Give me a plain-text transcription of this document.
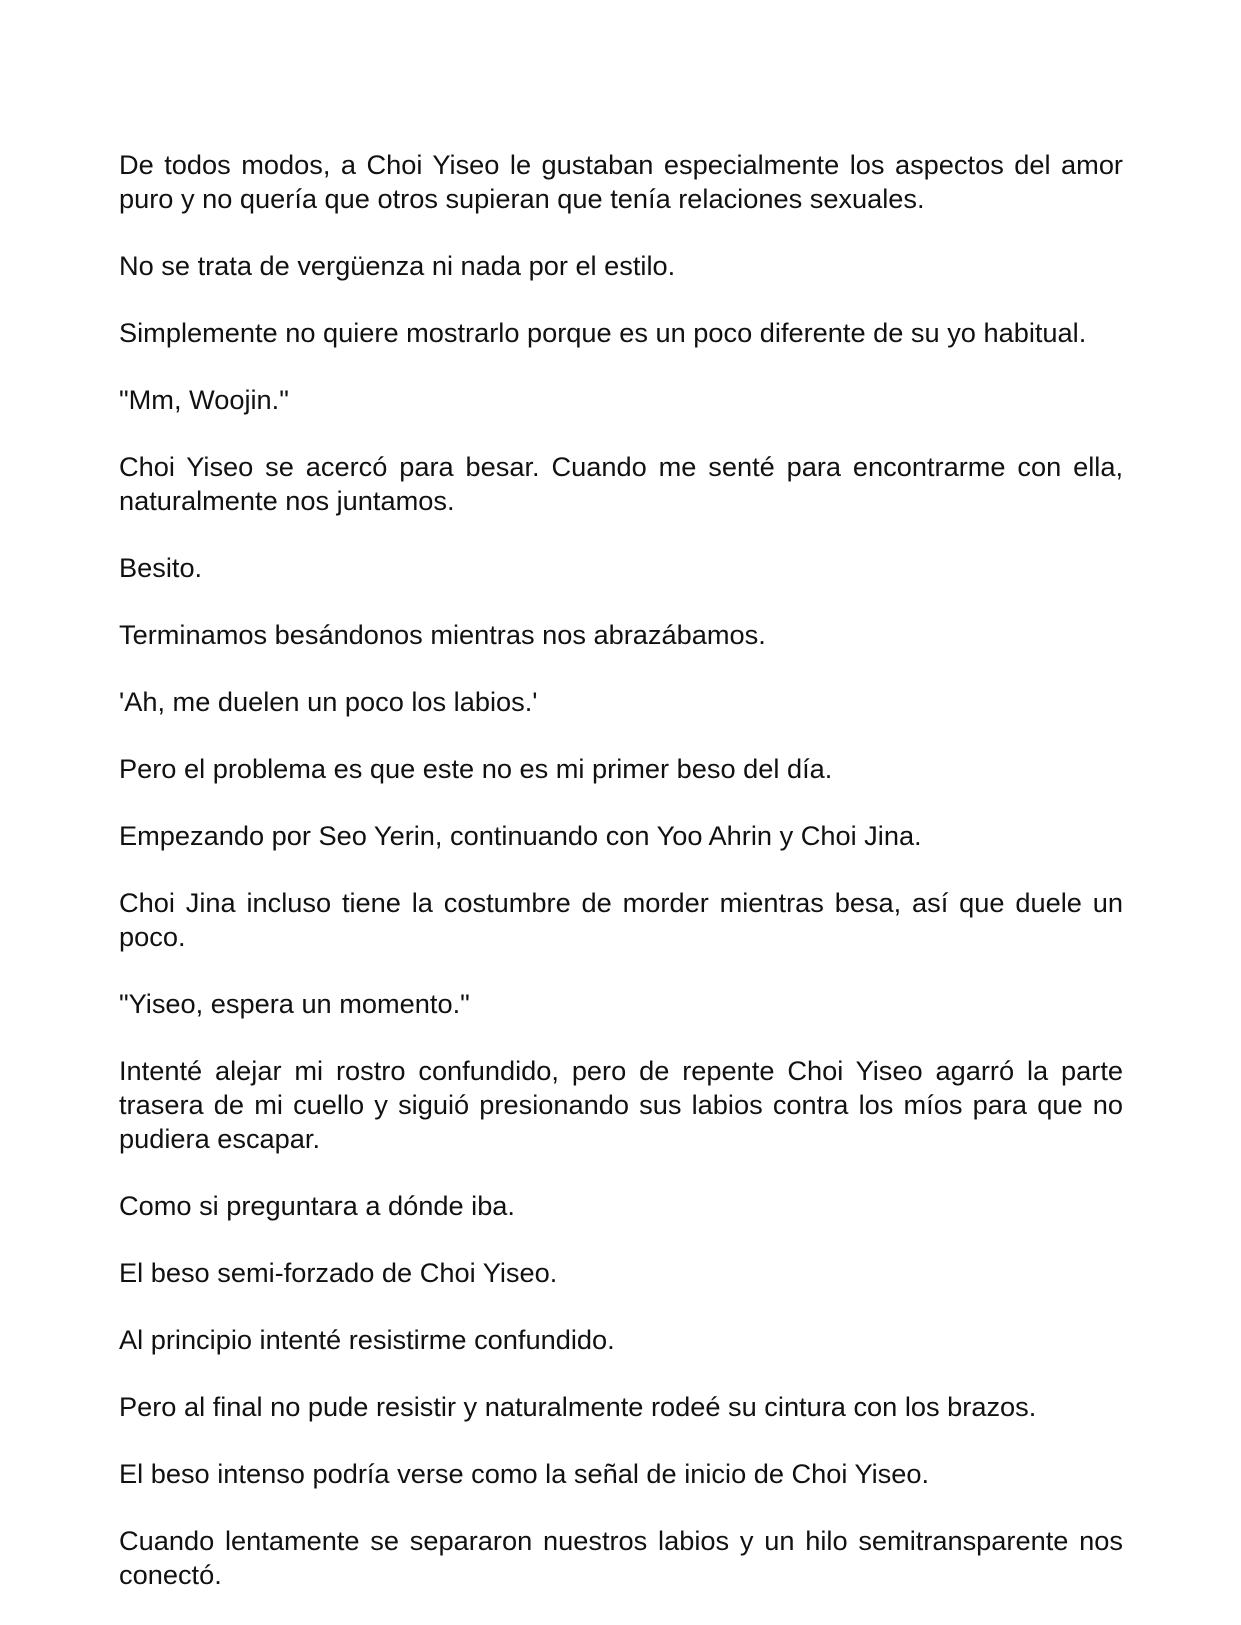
De todos modos, a Choi Yiseo le gustaban especialmente los aspectos del amor puro y no quería que otros supieran que tenía relaciones sexuales.

No se trata de vergüenza ni nada por el estilo.

Simplemente no quiere mostrarlo porque es un poco diferente de su yo habitual.

"Mm, Woojin."

Choi Yiseo se acercó para besar. Cuando me senté para encontrarme con ella, naturalmente nos juntamos.

Besito.

Terminamos besándonos mientras nos abrazábamos.

'Ah, me duelen un poco los labios.'

Pero el problema es que este no es mi primer beso del día.

Empezando por Seo Yerin, continuando con Yoo Ahrin y Choi Jina.

Choi Jina incluso tiene la costumbre de morder mientras besa, así que duele un poco.

"Yiseo, espera un momento."

Intenté alejar mi rostro confundido, pero de repente Choi Yiseo agarró la parte trasera de mi cuello y siguió presionando sus labios contra los míos para que no pudiera escapar.

Como si preguntara a dónde iba.

El beso semi-forzado de Choi Yiseo.

Al principio intenté resistirme confundido.

Pero al final no pude resistir y naturalmente rodeé su cintura con los brazos.

El beso intenso podría verse como la señal de inicio de Choi Yiseo.

Cuando lentamente se separaron nuestros labios y un hilo semitransparente nos conectó.
